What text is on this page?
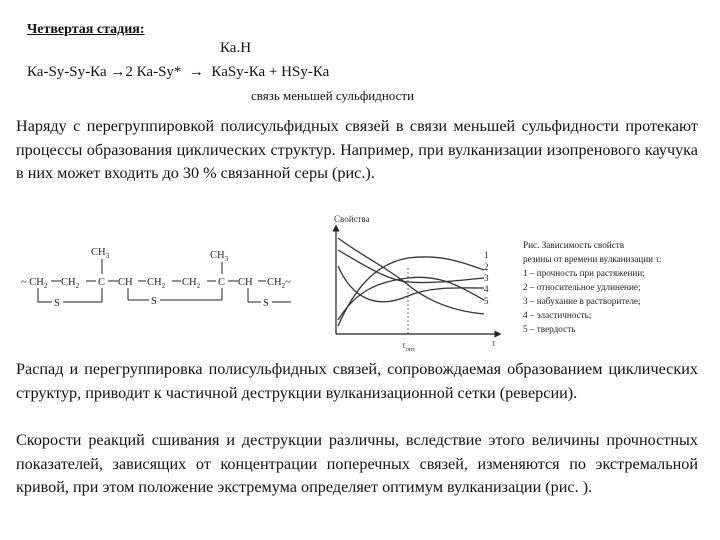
Четвертая стадия:
Ка.Н
Ка-Sy-Sy-Ка →2 Ка-Sy* → КаSy-Ка + HSy-Ка
связь меньшей сульфидности

Наряду с перегруппировкой полисульфидных связей в связи меньшей сульфидности протекают процессы образования циклических структур. Например, при вулканизации изопренового каучука в них может входить до 30 % связанной серы (рис.).

~ $СН_2$ $СН_2$ С СН $СН_2$ $СН_2$ С СН $СН_2\sim$
$СН_3$	$СН_3$
S	S	S
Свойства
τ
$\tau_{опт}$
1
2
3
4
5
Рис. Зависимость свойств
резины от времени вулканизации τ:
1 – прочность при растяжении;
2 – относительное удлинение;
3 – набухание в растворителе;
4 – эластичность;
5 – твердость

Распад и перегруппировка полисульфидных связей, сопровождаемая образованием циклических структур, приводит к частичной деструкции вулканизационной сетки (реверсии).

Скорости реакций сшивания и деструкции различны, вследствие этого величины прочностных показателей, зависящих от концентрации поперечных связей, изменяются по экстремальной кривой, при этом положение экстремума определяет оптимум вулканизации (рис. ).
